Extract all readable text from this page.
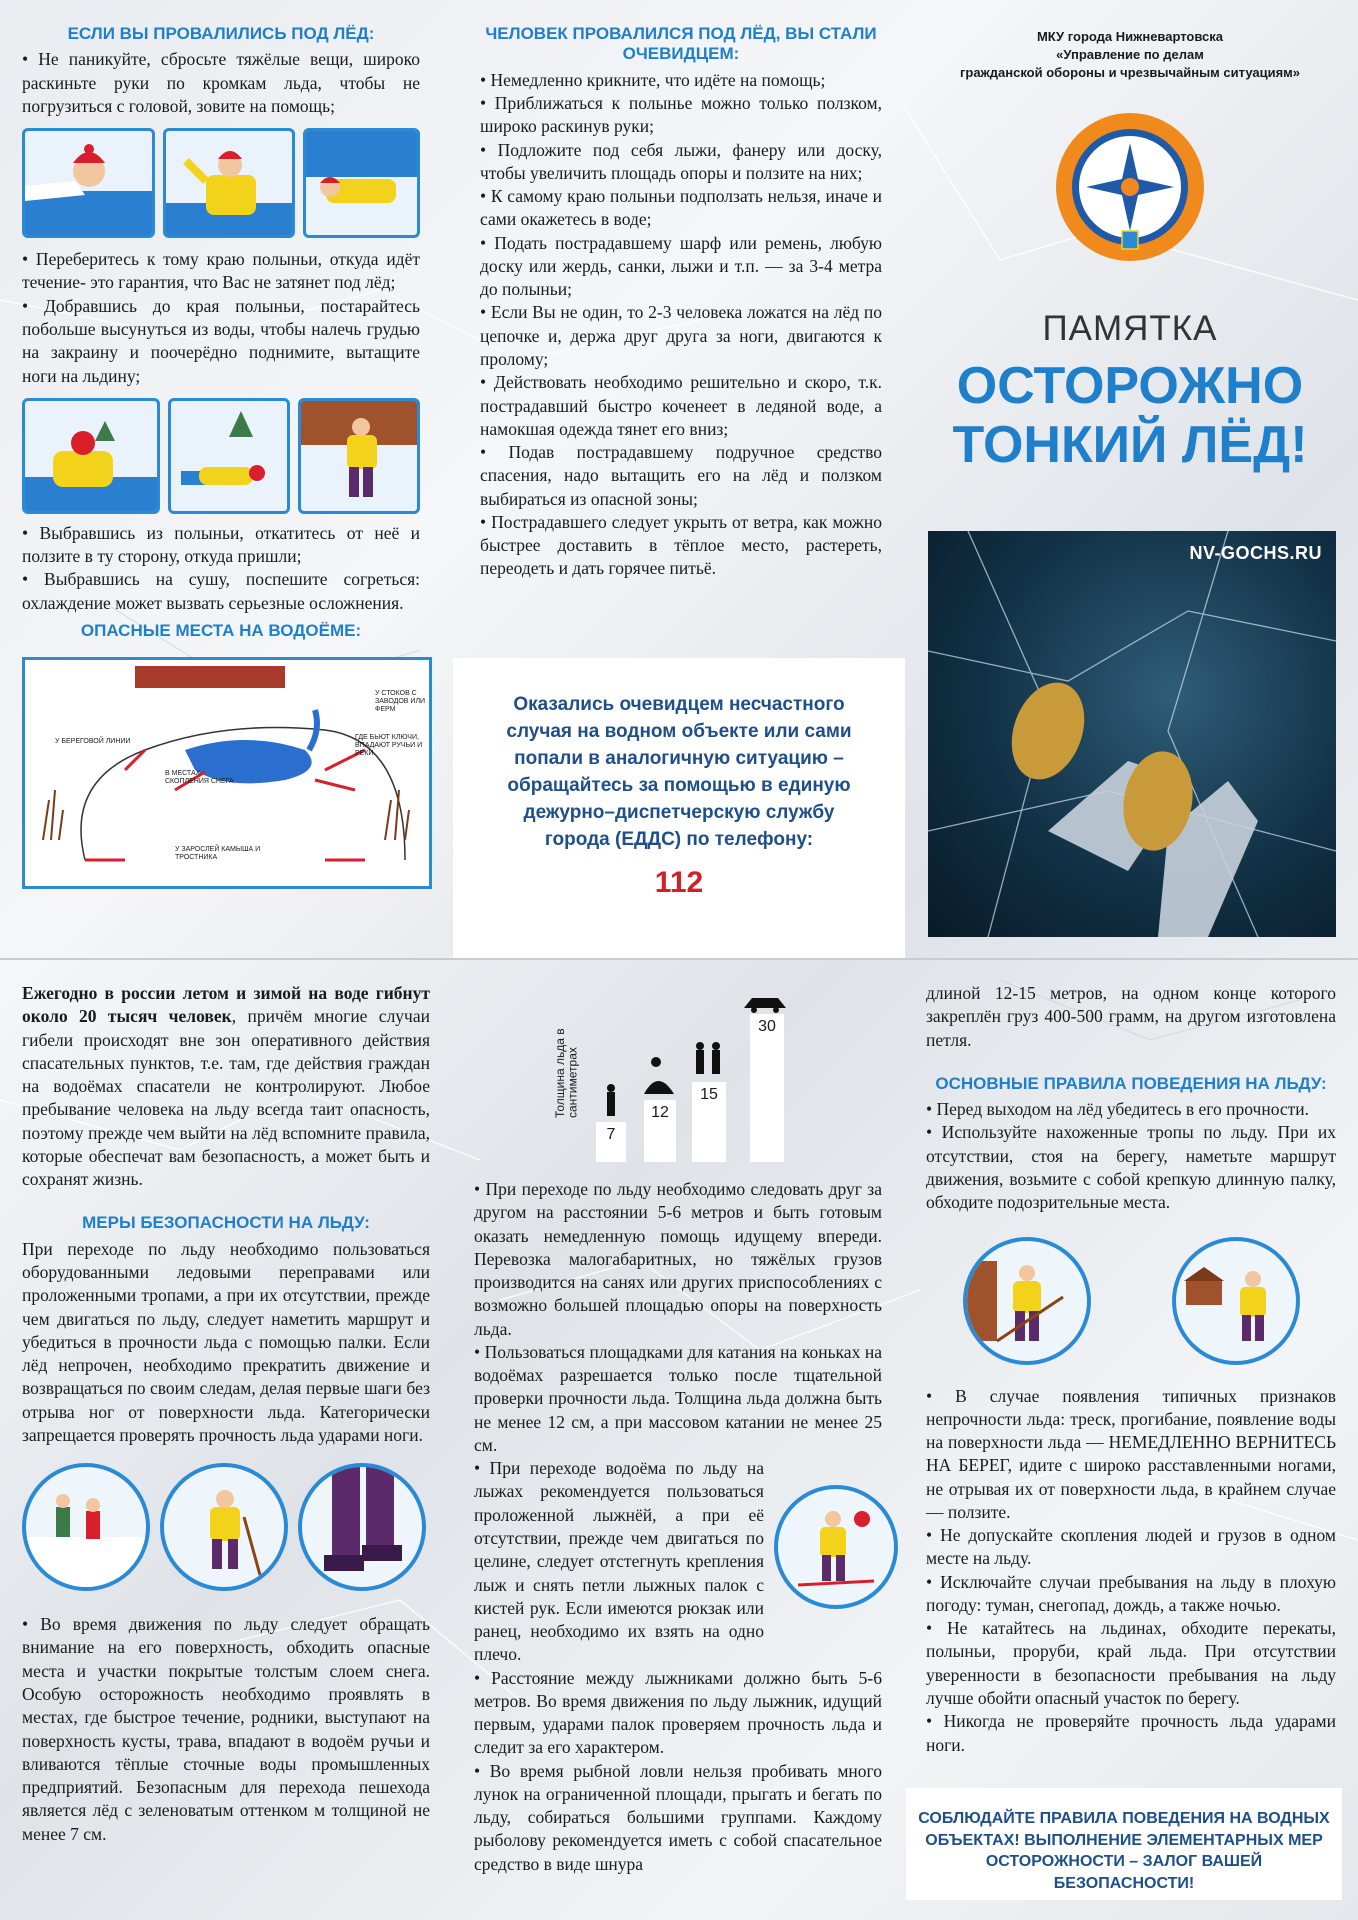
ЕСЛИ ВЫ ПРОВАЛИЛИСЬ ПОД ЛЁД:
• Не паникуйте, сбросьте тяжёлые вещи, широко раскиньте руки по кромкам льда, чтобы не погрузиться с головой, зовите на помощь;
• Переберитесь к тому краю полыньи, откуда идёт течение- это гарантия, что Вас не затянет под лёд;
• Добравшись до края полыньи, постарайтесь побольше высунуться из воды, чтобы налечь грудью на закраину и поочерёдно поднимите, вытащите ноги на льдину;
• Выбравшись из полыньи, откатитесь от неё и ползите в ту сторону, откуда пришли;
• Выбравшись на сушу, поспешите согреться: охлаждение может вызвать серьезные осложнения.
ОПАСНЫЕ МЕСТА НА ВОДОЁМЕ:
У СТОКОВ С ЗАВОДОВ ИЛИ ФЕРМ
У БЕРЕГОВОЙ ЛИНИИ
ГДЕ БЬЮТ КЛЮЧИ, ВПАДАЮТ РУЧЬИ И РЕКИ
В МЕСТАХ СКОПЛЕНИЯ СНЕГА
У ЗАРОСЛЕЙ КАМЫША И ТРОСТНИКА
ЧЕЛОВЕК ПРОВАЛИЛСЯ ПОД ЛЁД, ВЫ СТАЛИ ОЧЕВИДЦЕМ:
• Немедленно крикните, что идёте на помощь;
• Приближаться к полынье можно только ползком, широко раскинув руки;
• Подложите под себя лыжи, фанеру или доску, чтобы увеличить площадь опоры и ползите на них;
• К самому краю полыньи подползать нельзя, иначе и сами окажетесь в воде;
• Подать пострадавшему шарф или ремень, любую доску или жердь, санки, лыжи и т.п. — за 3-4 метра до полыньи;
• Если Вы не один, то 2-3 человека ложатся на лёд по цепочке и, держа друг друга за ноги, двигаются к пролому;
• Действовать необходимо решительно и скоро, т.к. пострадавший быстро коченеет в ледяной воде, а намокшая одежда тянет его вниз;
• Подав пострадавшему подручное средство спасения, надо вытащить его на лёд и ползком выбираться из опасной зоны;
• Пострадавшего следует укрыть от ветра, как можно быстрее доставить в тёплое место, растереть, переодеть и дать горячее питьё.
Оказались очевидцем несчастного случая на водном объекте или сами попали в аналогичную ситуацию – обращайтесь за помощью в единую дежурно–диспетчерскую службу города (ЕДДС) по телефону:
112
МКУ города Нижневартовска
«Управление по делам
гражданской обороны и чрезвычайным ситуациям»
ПАМЯТКА
ОСТОРОЖНО
ТОНКИЙ ЛЁД!
NV-GOCHS.RU
Ежегодно в россии летом и зимой на воде гибнут около 20 тысяч человек, причём многие случаи гибели происходят вне зон оперативного действия спасательных пунктов, т.е. там, где действия граждан на водоёмах спасатели не контролируют. Любое пребывание человека на льду всегда таит опасность, поэтому прежде чем выйти на лёд вспомните правила, которые обеспечат вам безопасность, а может быть и сохранят жизнь.
МЕРЫ БЕЗОПАСНОСТИ НА ЛЬДУ:
При переходе по льду необходимо пользоваться оборудованными ледовыми переправами или проложенными тропами, а при их отсутствии, прежде чем двигаться по льду, следует наметить маршрут и убедиться в прочности льда с помощью палки. Если лёд непрочен, необходимо прекратить движение и возвращаться по своим следам, делая первые шаги без отрыва ног от поверхности льда. Категорически запрещается проверять прочность льда ударами ноги.
• Во время движения по льду следует обращать внимание на его поверхность, обходить опасные места и участки покрытые толстым слоем снега. Особую осторожность необходимо проявлять в местах, где быстрое течение, родники, выступают на поверхность кусты, трава, впадают в водоём ручьи и вливаются тёплые сточные воды промышленных предприятий. Безопасным для перехода пешехода является лёд с зеленоватым оттенком м толщиной не менее 7 см.
Толщина льда в сантиметрах
7
12
15
30
• При переходе по льду необходимо следовать друг за другом на расстоянии 5-6 метров и быть готовым оказать немедленную помощь идущему впереди. Перевозка малогабаритных, но тяжёлых грузов производится на санях или других приспособлениях с возможно большей площадью опоры на поверхность льда.
• Пользоваться площадками для катания на коньках на водоёмах разрешается только после тщательной проверки прочности льда. Толщина льда должна быть не менее 12 см, а при массовом катании не менее 25 см.
• При переходе водоёма по льду на лыжах рекомендуется пользоваться проложенной лыжнёй, а при её отсутствии, прежде чем двигаться по целине, следует отстегнуть крепления лыж и снять петли лыжных палок с кистей рук. Если имеются рюкзак или ранец, необходимо их взять на одно плечо.
• Расстояние между лыжниками должно быть 5-6 метров. Во время движения по льду лыжник, идущий первым, ударами палок проверяем прочность льда и следит за его характером.
• Во время рыбной ловли нельзя пробивать много лунок на ограниченной площади, прыгать и бегать по льду, собираться большими группами. Каждому рыболову рекомендуется иметь с собой спасательное средство в виде шнура
длиной 12-15 метров, на одном конце которого закреплён груз 400-500 грамм, на другом изготовлена петля.
ОСНОВНЫЕ ПРАВИЛА ПОВЕДЕНИЯ НА ЛЬДУ:
• Перед выходом на лёд убедитесь в его прочности.
• Используйте нахоженные тропы по льду. При их отсутствии, стоя на берегу, наметьте маршрут движения, возьмите с собой крепкую длинную палку, обходите подозрительные места.
• В случае появления типичных признаков непрочности льда: треск, прогибание, появление воды на поверхности льда — НЕМЕДЛЕННО ВЕРНИТЕСЬ НА БЕРЕГ, идите с широко расставленными ногами, не отрывая их от поверхности льда, в крайнем случае — ползите.
• Не допускайте скопления людей и грузов в одном месте на льду.
• Исключайте случаи пребывания на льду в плохую погоду: туман, снегопад, дождь, а также ночью.
• Не катайтесь на льдинах, обходите перекаты, полыньи, проруби, край льда. При отсутствии уверенности в безопасности пребывания на льду лучше обойти опасный участок по берегу.
• Никогда не проверяйте прочность льда ударами ноги.
СОБЛЮДАЙТЕ ПРАВИЛА ПОВЕДЕНИЯ НА ВОДНЫХ ОБЪЕКТАХ! ВЫПОЛНЕНИЕ ЭЛЕМЕНТАРНЫХ МЕР ОСТОРОЖНОСТИ – ЗАЛОГ ВАШЕЙ БЕЗОПАСНОСТИ!
